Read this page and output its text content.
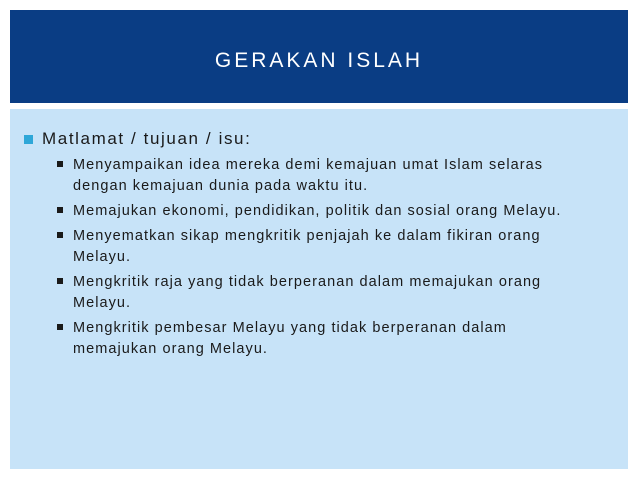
GERAKAN ISLAH
Matlamat / tujuan / isu:
Menyampaikan idea mereka demi kemajuan umat Islam selaras dengan kemajuan dunia pada waktu itu.
Memajukan ekonomi, pendidikan, politik dan sosial orang Melayu.
Menyematkan sikap mengkritik penjajah ke dalam fikiran orang Melayu.
Mengkritik raja yang tidak berperanan dalam memajukan orang Melayu.
Mengkritik pembesar Melayu yang tidak berperanan dalam memajukan orang Melayu.
